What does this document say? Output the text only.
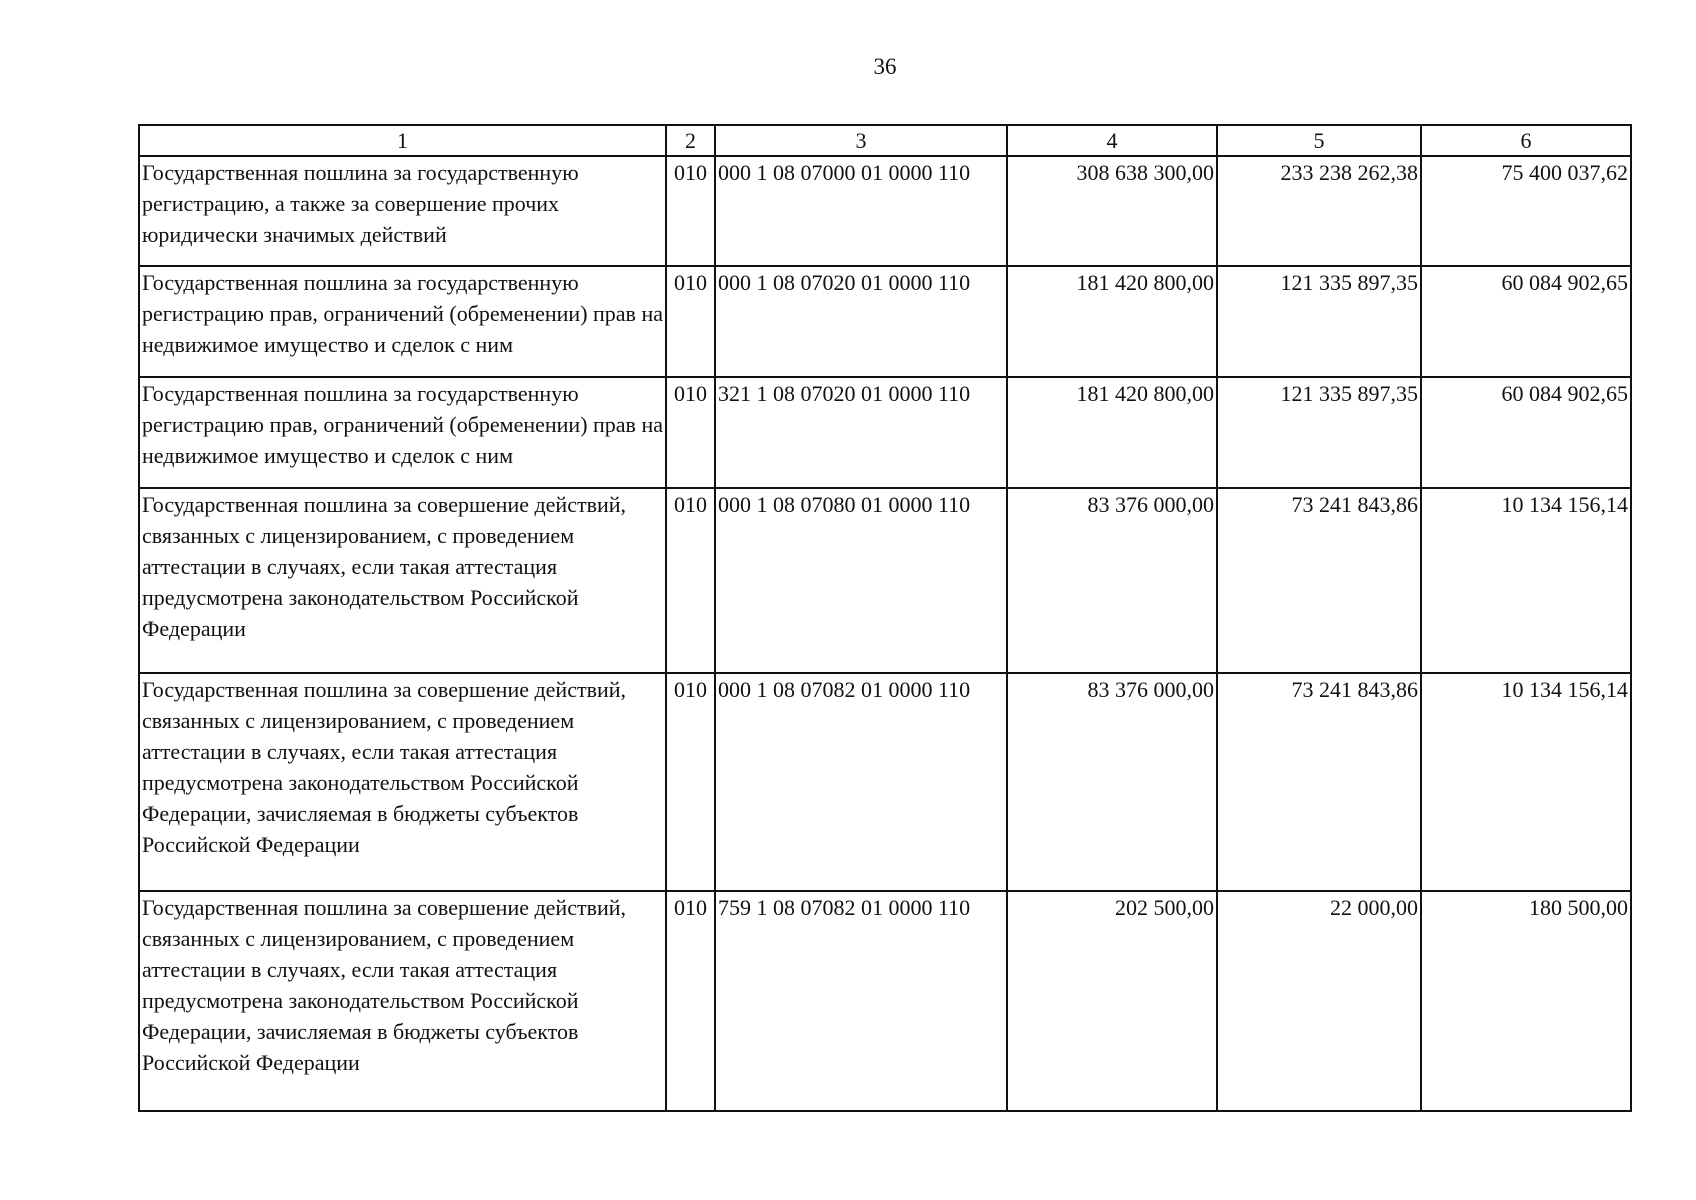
36
1	2	3	4	5	6
Государственная пошлина за государственную регистрацию, а также за совершение прочих юридически значимых действий	010	000 1 08 07000 01 0000 110	308 638 300,00	233 238 262,38	75 400 037,62
Государственная пошлина за государственную регистрацию прав, ограничений (обременении) прав на недвижимое имущество и сделок с ним	010	000 1 08 07020 01 0000 110	181 420 800,00	121 335 897,35	60 084 902,65
Государственная пошлина за государственную регистрацию прав, ограничений (обременении) прав на недвижимое имущество и сделок с ним	010	321 1 08 07020 01 0000 110	181 420 800,00	121 335 897,35	60 084 902,65
Государственная пошлина за совершение действий, связанных с лицензированием, с проведением аттестации в случаях, если такая аттестация предусмотрена законодательством Российской Федерации	010	000 1 08 07080 01 0000 110	83 376 000,00	73 241 843,86	10 134 156,14
Государственная пошлина за совершение действий, связанных с лицензированием, с проведением аттестации в случаях, если такая аттестация предусмотрена законодательством Российской Федерации, зачисляемая в бюджеты субъектов Российской Федерации	010	000 1 08 07082 01 0000 110	83 376 000,00	73 241 843,86	10 134 156,14
Государственная пошлина за совершение действий, связанных с лицензированием, с проведением аттестации в случаях, если такая аттестация предусмотрена законодательством Российской Федерации, зачисляемая в бюджеты субъектов Российской Федерации	010	759 1 08 07082 01 0000 110	202 500,00	22 000,00	180 500,00
